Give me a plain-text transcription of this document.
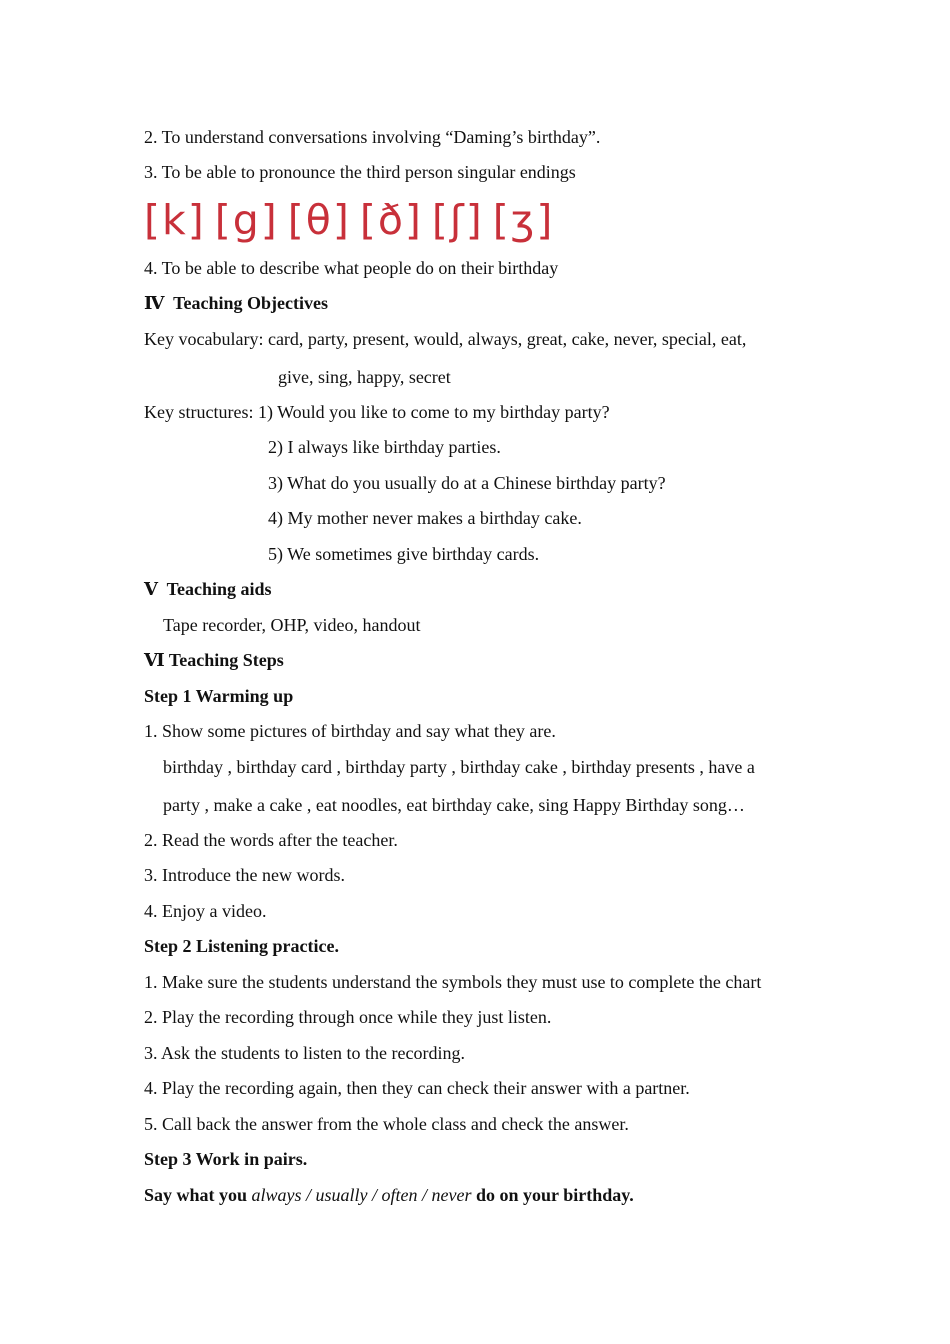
2. To understand conversations involving “Daming’s birthday”.
3. To be able to pronounce the third person singular endings
[k] [g] [θ] [ð] [ʃ] [ʒ]
4. To be able to describe what people do on their birthday
Ⅳ Teaching Objectives
Key vocabulary: card, party, present, would, always, great, cake, never, special, eat,
give, sing, happy, secret
Key structures: 1) Would you like to come to my birthday party?
2) I always like birthday parties.
3) What do you usually do at a Chinese birthday party?
4) My mother never makes a birthday cake.
5) We sometimes give birthday cards.
Ⅴ Teaching aids
Tape recorder, OHP, video, handout
Ⅵ Teaching Steps
Step 1 Warming up
1. Show some pictures of birthday and say what they are.
birthday , birthday card , birthday party , birthday cake , birthday presents , have a
party , make a cake , eat noodles, eat birthday cake, sing Happy Birthday song…
2. Read the words after the teacher.
3. Introduce the new words.
4. Enjoy a video.
Step 2 Listening practice.
1. Make sure the students understand the symbols they must use to complete the chart
2. Play the recording through once while they just listen.
3. Ask the students to listen to the recording.
4. Play the recording again, then they can check their answer with a partner.
5. Call back the answer from the whole class and check the answer.
Step 3 Work in pairs.
Say what you always / usually / often / never do on your birthday.
